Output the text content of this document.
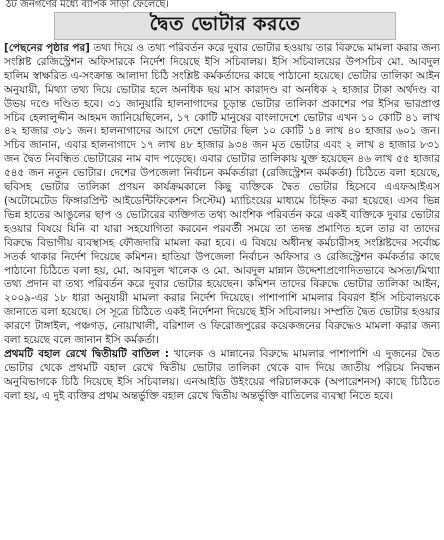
ঠট জনগণের মধ্যে ব্যাপক সাড়া ফেলেছে।
দ্বৈত ভোটার করতে

[পেছনের পৃষ্ঠার পর] তথ্য দিয়ে ও তথ্য পরিবর্তন করে দুবার ভোটার হওয়ায় তার বিরুদ্ধে মামলা করার জন্য সংশ্লিষ্ট রেজিস্ট্রেশন অফিসারকে নির্দেশ দিয়েছে ইসি সচিবালয়। ইসি সচিবালয়ের উপসচিব মো. আবদুল হালিম স্বাক্ষরিত এ-সংক্রান্ত আলাদা চিঠি সংশ্লিষ্ট কর্মকর্তাদের কাছে পাঠানো হয়েছে। ভোটার তালিকা আইন অনুযায়ী, মিথ্যা তথ্য দিয়ে ভোটার হলে অনধিক ছয় মাস কারাদণ্ড বা অনধিক ২ হাজার টাকা অর্থদণ্ড বা উভয় দণ্ডে দণ্ডিত হবে। ৩১ জানুয়ারি হালনাগাদের চূড়ান্ত ভোটার তালিকা প্রকাশের পর ইসির ভারপ্রাপ্ত সচিব হেলালুদ্দীন আহমদ জানিয়েছিলেন, ১৭ কোটি মানুষের বাংলাদেশে ভোটার এখন ১০ কোটি ৪১ লাখ ৪২ হাজার ৩৮১ জন। হালনাগাদের আগে দেশে ভোটার ছিল ১০ কোটি ১৪ লাখ ৪০ হাজার ৬০১ জন। সচিব জানান, এবার হালনাগাদে ১৭ লাখ ৪৮ হাজার ৯৩৪ জন মৃত ভোটার এবং ২ লাখ ৪ হাজার ৮৩১ জন দ্বৈত নিবন্ধিত ভোটারের নাম বাদ পড়েছে। এবার ভোটার তালিকায় যুক্ত হয়েছেন ৪৬ লাখ ৫৫ হাজার ৫৪৫ জন নতুন ভোটার। দেশের উপজেলা নির্বাচন কর্মকর্তারা (রেজিস্ট্রেশন কর্মকর্তা) চিঠিতে বলা হয়েছে, ছবিসহ ভোটার তালিকা প্রণয়ন কার্যক্রমকালে কিছু ব্যক্তিকে দ্বৈত ভোটার হিসেবে এএফআইএস (অটোমেটেড ফিঙ্গারপ্রিন্ট আইডেন্টিফিকেশন সিস্টেম) ম্যাচিংয়ের মাধ্যমে চিহ্নিত করা হয়েছে। এসব ভিন্ন ভিন্ন হাতের আঙুলের ছাপ ও ভোটারের ব্যক্তিগত তথ্য আংশিক পরিবর্তন করে একই ব্যক্তিকে দুবার ভোটার হওয়ার বিষয়ে যিনি বা যারা সহযোগিতা করবেন পরবর্তী সময়ে তা তদন্ত প্রমাণিত হলে তার বা তাদের বিরুদ্ধে বিভাগীয় ব্যবস্থাসহ ফৌজদারি মামলা করা হবে। এ বিষয়ে অধীনস্থ কর্মচারীসহ সংশ্লিষ্টদের সর্বোচ্চ সতর্ক থাকার নির্দেশ দিয়েছে কমিশন। হাতিয়া উপজেলা নির্বাচন অফিসার ও রেজিস্ট্রেশন কর্মকর্তার কাছে পাঠানো চিঠিতে বলা হয়, মো. আবদুল খালেক ও মো. আবদুল মান্নান উদ্দেশ্যপ্রণোদিতভাবে অসত্য/মিথ্যা তথ্য প্রদান বা তথ্য পরিবর্তন করে দুবার ভোটার হয়েছেন। কমিশন তাদের বিরুদ্ধে ভোটার তালিকা আইন, ২০০৯-এর ১৮ ধারা অনুযায়ী মামলা করার নির্দেশ দিয়েছে। পাশাপাশি মামলার বিবরণ ইসি সচিবালয়কে জানাতে বলা হয়েছে। সে সূত্রে চিঠিতে একই নির্দেশনা দিয়েছে ইসি সচিবালয়। সম্প্রতি দ্বৈত ভোটার হওয়ার কারণে টাঙ্গাইল, পঞ্চগড়, নোয়াখালী, বরিশাল ও ফিরোজপুরের কয়েকজনের বিরুদ্ধেও মামলা করার জন্য বলা হয়েছে বলে জানান ইসি কর্মকর্তা।

প্রথমটি বহাল রেখে দ্বিতীয়টি বাতিল : খালেক ও মান্নানের বিরুদ্ধে মামলার পাশাপাশি এ দুজনের দ্বৈত ভোটার থেকে প্রথমটি বহাল রেখে দ্বিতীয় ভোটার তালিকা থেকে বাদ দিয়ে জাতীয় পরিচয় নিবন্ধন অনুবিভাগকে চিঠি দিয়েছে ইসি সচিবালয়। এনআইডি উইংয়ের পরিচালককে (অপারেশনস) কাছে চিঠিতে বলা হয়, এ দুই ব্যক্তির প্রথম অন্তর্ভুক্তি বহাল রেখে দ্বিতীয় অন্তর্ভুক্তি বাতিলের ব্যবস্থা নিতে হবে।
